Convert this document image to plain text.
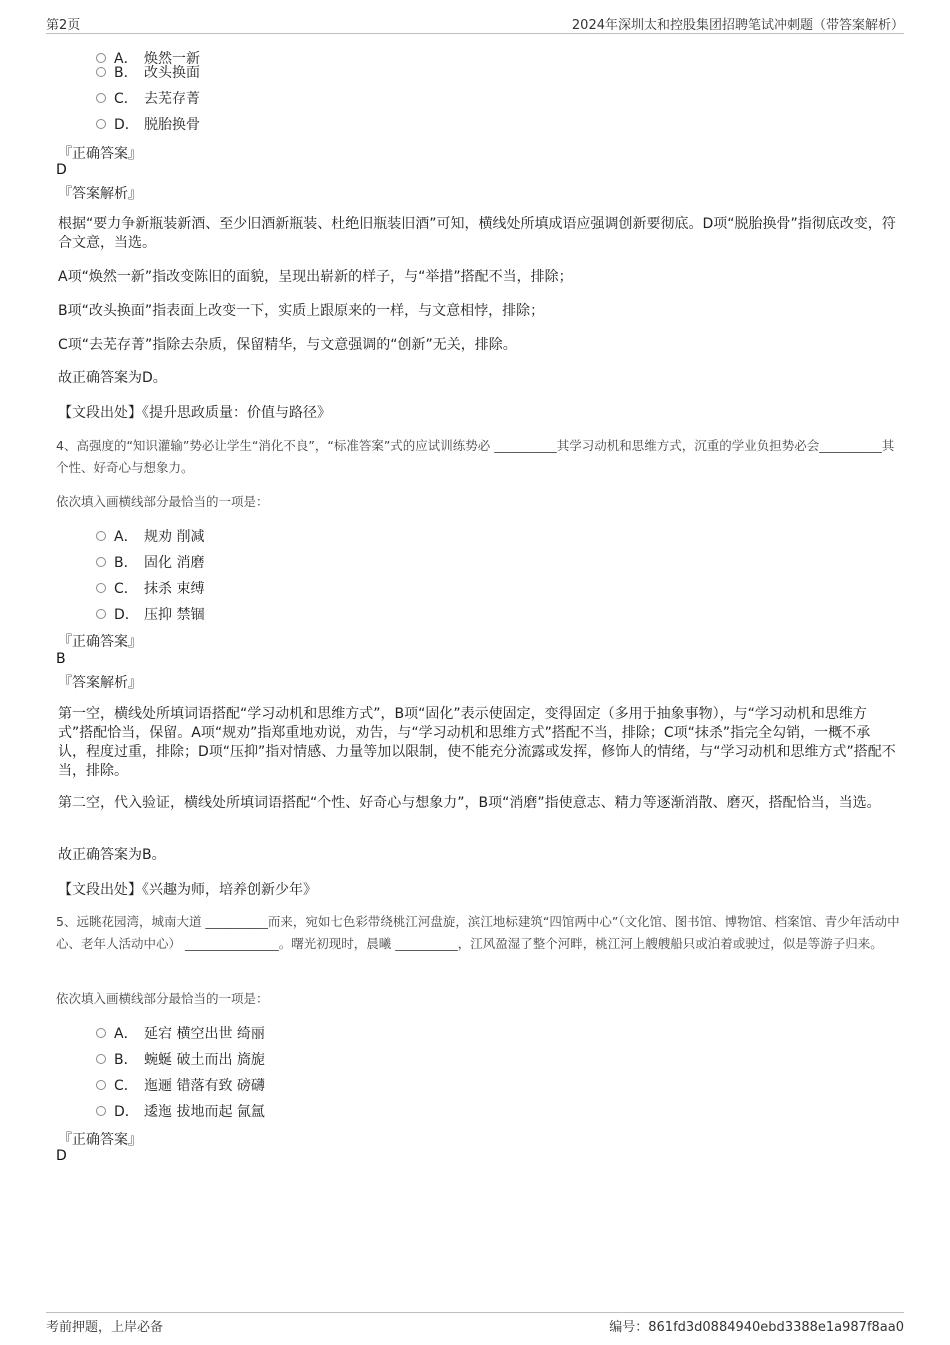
第2页	2024年深圳太和控股集团招聘笔试冲刺题（带答案解析）
A． 焕然一新
B． 改头换面
C． 去芜存菁
D． 脱胎换骨
『正确答案』
D
『答案解析』
根据“要力争新瓶装新酒、至少旧酒新瓶装、杜绝旧瓶装旧酒”可知，横线处所填成语应强调创新要彻底。D项“脱胎换骨”指彻底改变，符合文意，当选。
A项“焕然一新”指改变陈旧的面貌，呈现出崭新的样子，与“举措”搭配不当，排除；
B项“改头换面”指表面上改变一下，实质上跟原来的一样，与文意相悖，排除；
C项“去芜存菁”指除去杂质，保留精华，与文意强调的“创新”无关，排除。
故正确答案为D。
【文段出处】《提升思政质量：价值与路径》
4、高强度的“知识灌输”势必让学生“消化不良”，“标准答案”式的应试训练势必 __________其学习动机和思维方式，沉重的学业负担势必会__________其个性、好奇心与想象力。
依次填入画横线部分最恰当的一项是：
A． 规劝 削减
B． 固化 消磨
C． 抹杀 束缚
D． 压抑 禁锢
『正确答案』
B
『答案解析』
第一空，横线处所填词语搭配“学习动机和思维方式”，B项“固化”表示使固定，变得固定（多用于抽象事物），与“学习动机和思维方式”搭配恰当，保留。A项“规劝”指郑重地劝说，劝告，与“学习动机和思维方式”搭配不当，排除；C项“抹杀”指完全勾销，一概不承认，程度过重，排除；D项“压抑”指对情感、力量等加以限制，使不能充分流露或发挥，修饰人的情绪，与“学习动机和思维方式”搭配不当，排除。
第二空，代入验证，横线处所填词语搭配“个性、好奇心与想象力”，B项“消磨”指使意志、精力等逐渐消散、磨灭，搭配恰当，当选。
故正确答案为B。
【文段出处】《兴趣为师，培养创新少年》
5、远眺花园湾，城南大道 __________而来，宛如七色彩带绕桃江河盘旋，滨江地标建筑“四馆两中心”（文化馆、图书馆、博物馆、档案馆、青少年活动中心、老年人活动中心） _______________。曙光初现时，晨曦 __________，江风盈湿了整个河畔，桃江河上艘艘船只或泊着或驶过，似是等游子归来。
依次填入画横线部分最恰当的一项是：
A． 延宕 横空出世 绮丽
B． 蜿蜒 破土而出 旖旎
C． 迤逦 错落有致 磅礴
D． 逶迤 拔地而起 氤氲
『正确答案』
D
考前押题，上岸必备	编号：861fd3d0884940ebd3388e1a987f8aa0
